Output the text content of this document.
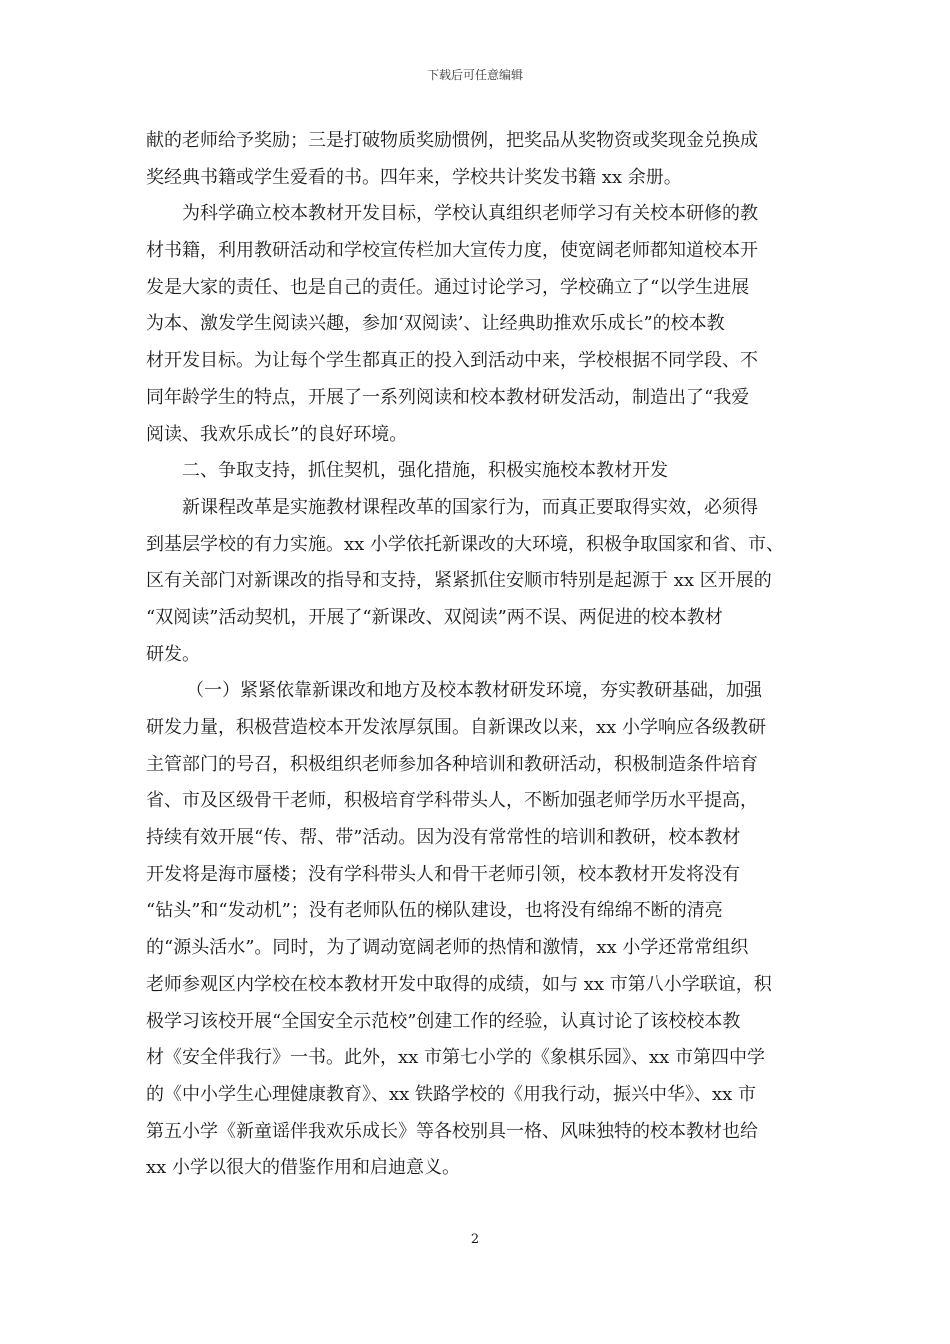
下载后可任意编辑
献的老师给予奖励；三是打破物质奖励惯例，把奖品从奖物资或奖现金兑换成
奖经典书籍或学生爱看的书。四年来，学校共计奖发书籍 xx 余册。
为科学确立校本教材开发目标，学校认真组织老师学习有关校本研修的教
材书籍，利用教研活动和学校宣传栏加大宣传力度，使宽阔老师都知道校本开
发是大家的责任、也是自己的责任。通过讨论学习，学校确立了“以学生进展
为本、激发学生阅读兴趣，参加‘双阅读’、让经典助推欢乐成长”的校本教
材开发目标。为让每个学生都真正的投入到活动中来，学校根据不同学段、不
同年龄学生的特点，开展了一系列阅读和校本教材研发活动，制造出了“我爱
阅读、我欢乐成长”的良好环境。
二、争取支持，抓住契机，强化措施，积极实施校本教材开发
新课程改革是实施教材课程改革的国家行为，而真正要取得实效，必须得
到基层学校的有力实施。xx 小学依托新课改的大环境，积极争取国家和省、市、
区有关部门对新课改的指导和支持，紧紧抓住安顺市特别是起源于 xx 区开展的
“双阅读”活动契机，开展了“新课改、双阅读”两不误、两促进的校本教材
研发。
（一）紧紧依靠新课改和地方及校本教材研发环境，夯实教研基础，加强
研发力量，积极营造校本开发浓厚氛围。自新课改以来，xx 小学响应各级教研
主管部门的号召，积极组织老师参加各种培训和教研活动，积极制造条件培育
省、市及区级骨干老师，积极培育学科带头人，不断加强老师学历水平提高，
持续有效开展“传、帮、带”活动。因为没有常常性的培训和教研，校本教材
开发将是海市蜃楼；没有学科带头人和骨干老师引领，校本教材开发将没有
“钻头”和“发动机”；没有老师队伍的梯队建设，也将没有绵绵不断的清亮
的“源头活水”。同时，为了调动宽阔老师的热情和激情，xx 小学还常常组织
老师参观区内学校在校本教材开发中取得的成绩，如与 xx 市第八小学联谊，积
极学习该校开展“全国安全示范校”创建工作的经验，认真讨论了该校校本教
材《安全伴我行》一书。此外，xx 市第七小学的《象棋乐园》、xx 市第四中学
的《中小学生心理健康教育》、xx 铁路学校的《用我行动，振兴中华》、xx 市
第五小学《新童谣伴我欢乐成长》等各校别具一格、风味独特的校本教材也给
xx 小学以很大的借鉴作用和启迪意义。
2
